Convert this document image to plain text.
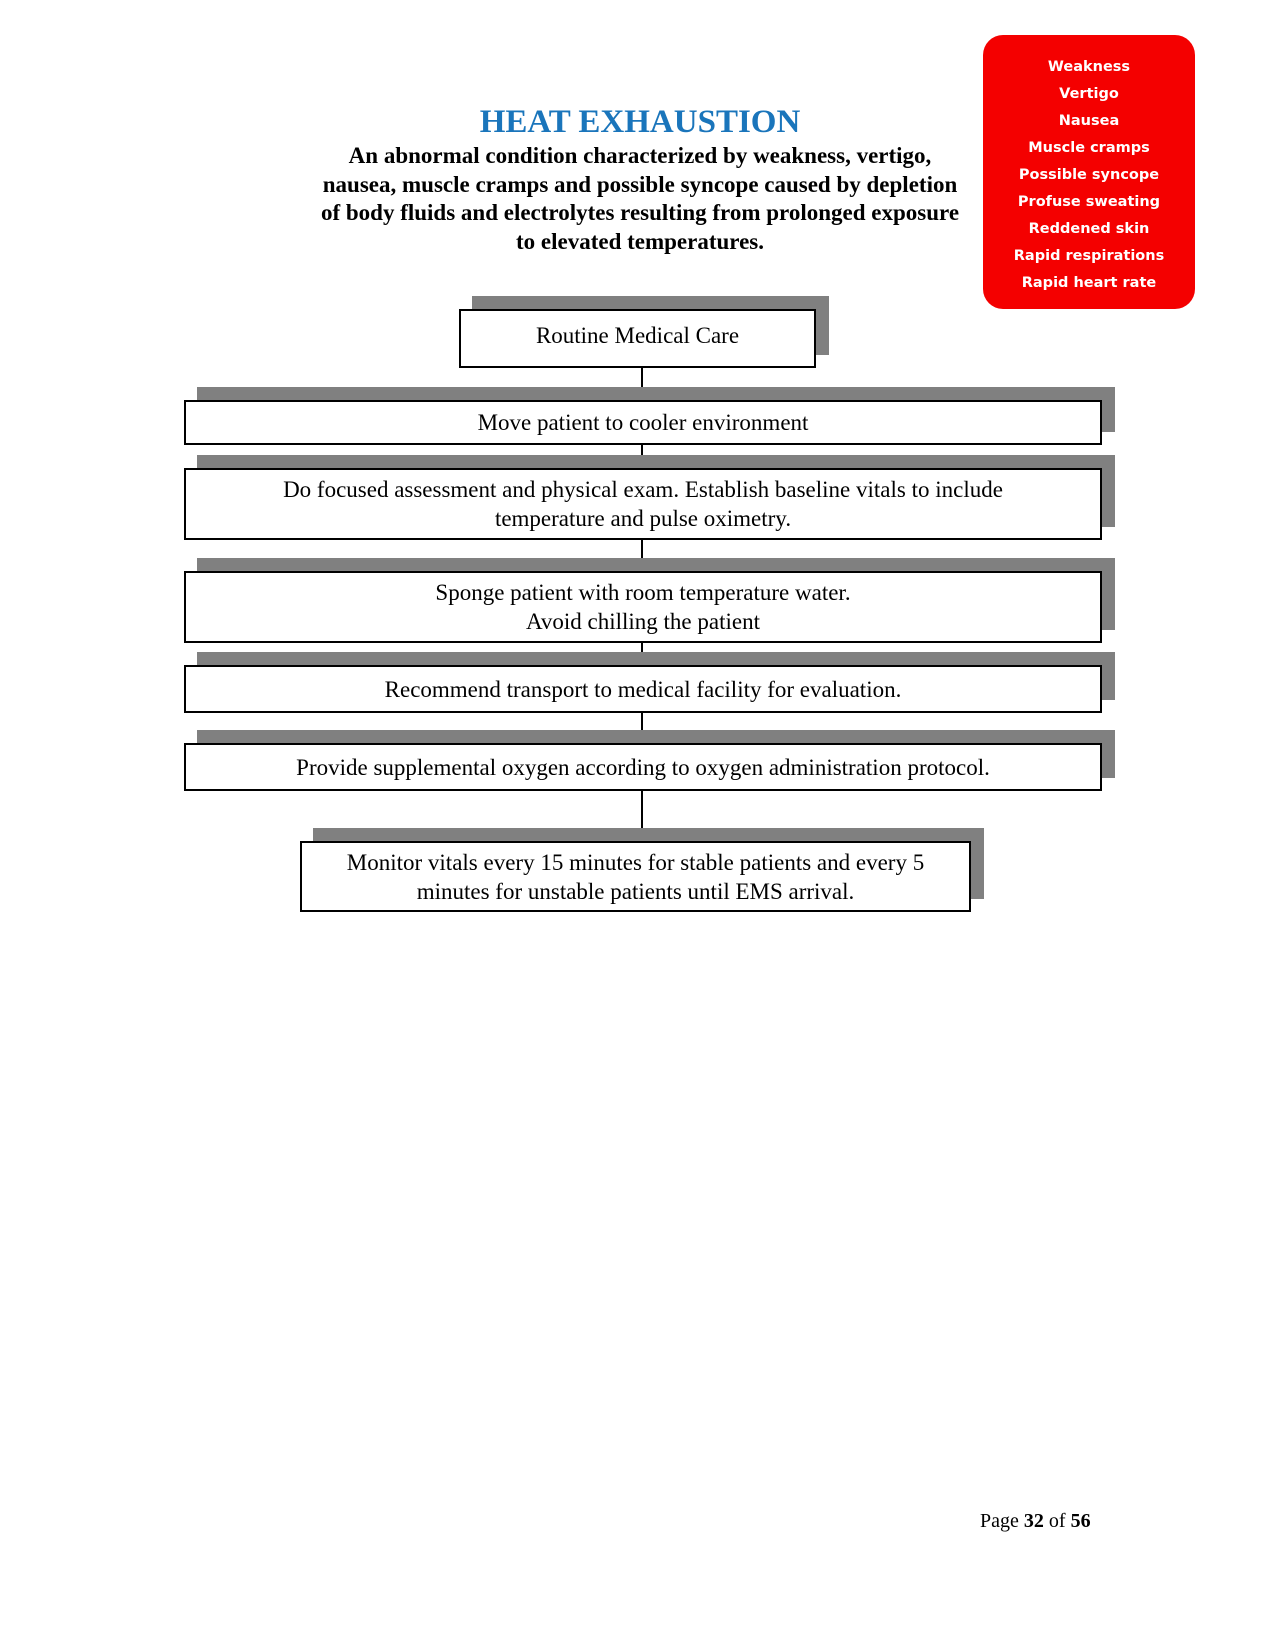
HEAT EXHAUSTION
An abnormal condition characterized by weakness, vertigo, nausea, muscle cramps and possible syncope caused by depletion of body fluids and electrolytes resulting from prolonged exposure to elevated temperatures.
Weakness
Vertigo
Nausea
Muscle cramps
Possible syncope
Profuse sweating
Reddened skin
Rapid respirations
Rapid heart rate
Routine Medical Care
Move patient to cooler environment
Do focused assessment and physical exam. Establish baseline vitals to include temperature and pulse oximetry.
Sponge patient with room temperature water.
Avoid chilling the patient
Recommend transport to medical facility for evaluation.
Provide supplemental oxygen according to oxygen administration protocol.
Monitor vitals every 15 minutes for stable patients and every 5 minutes for unstable patients until EMS arrival.
Page 32 of 56
